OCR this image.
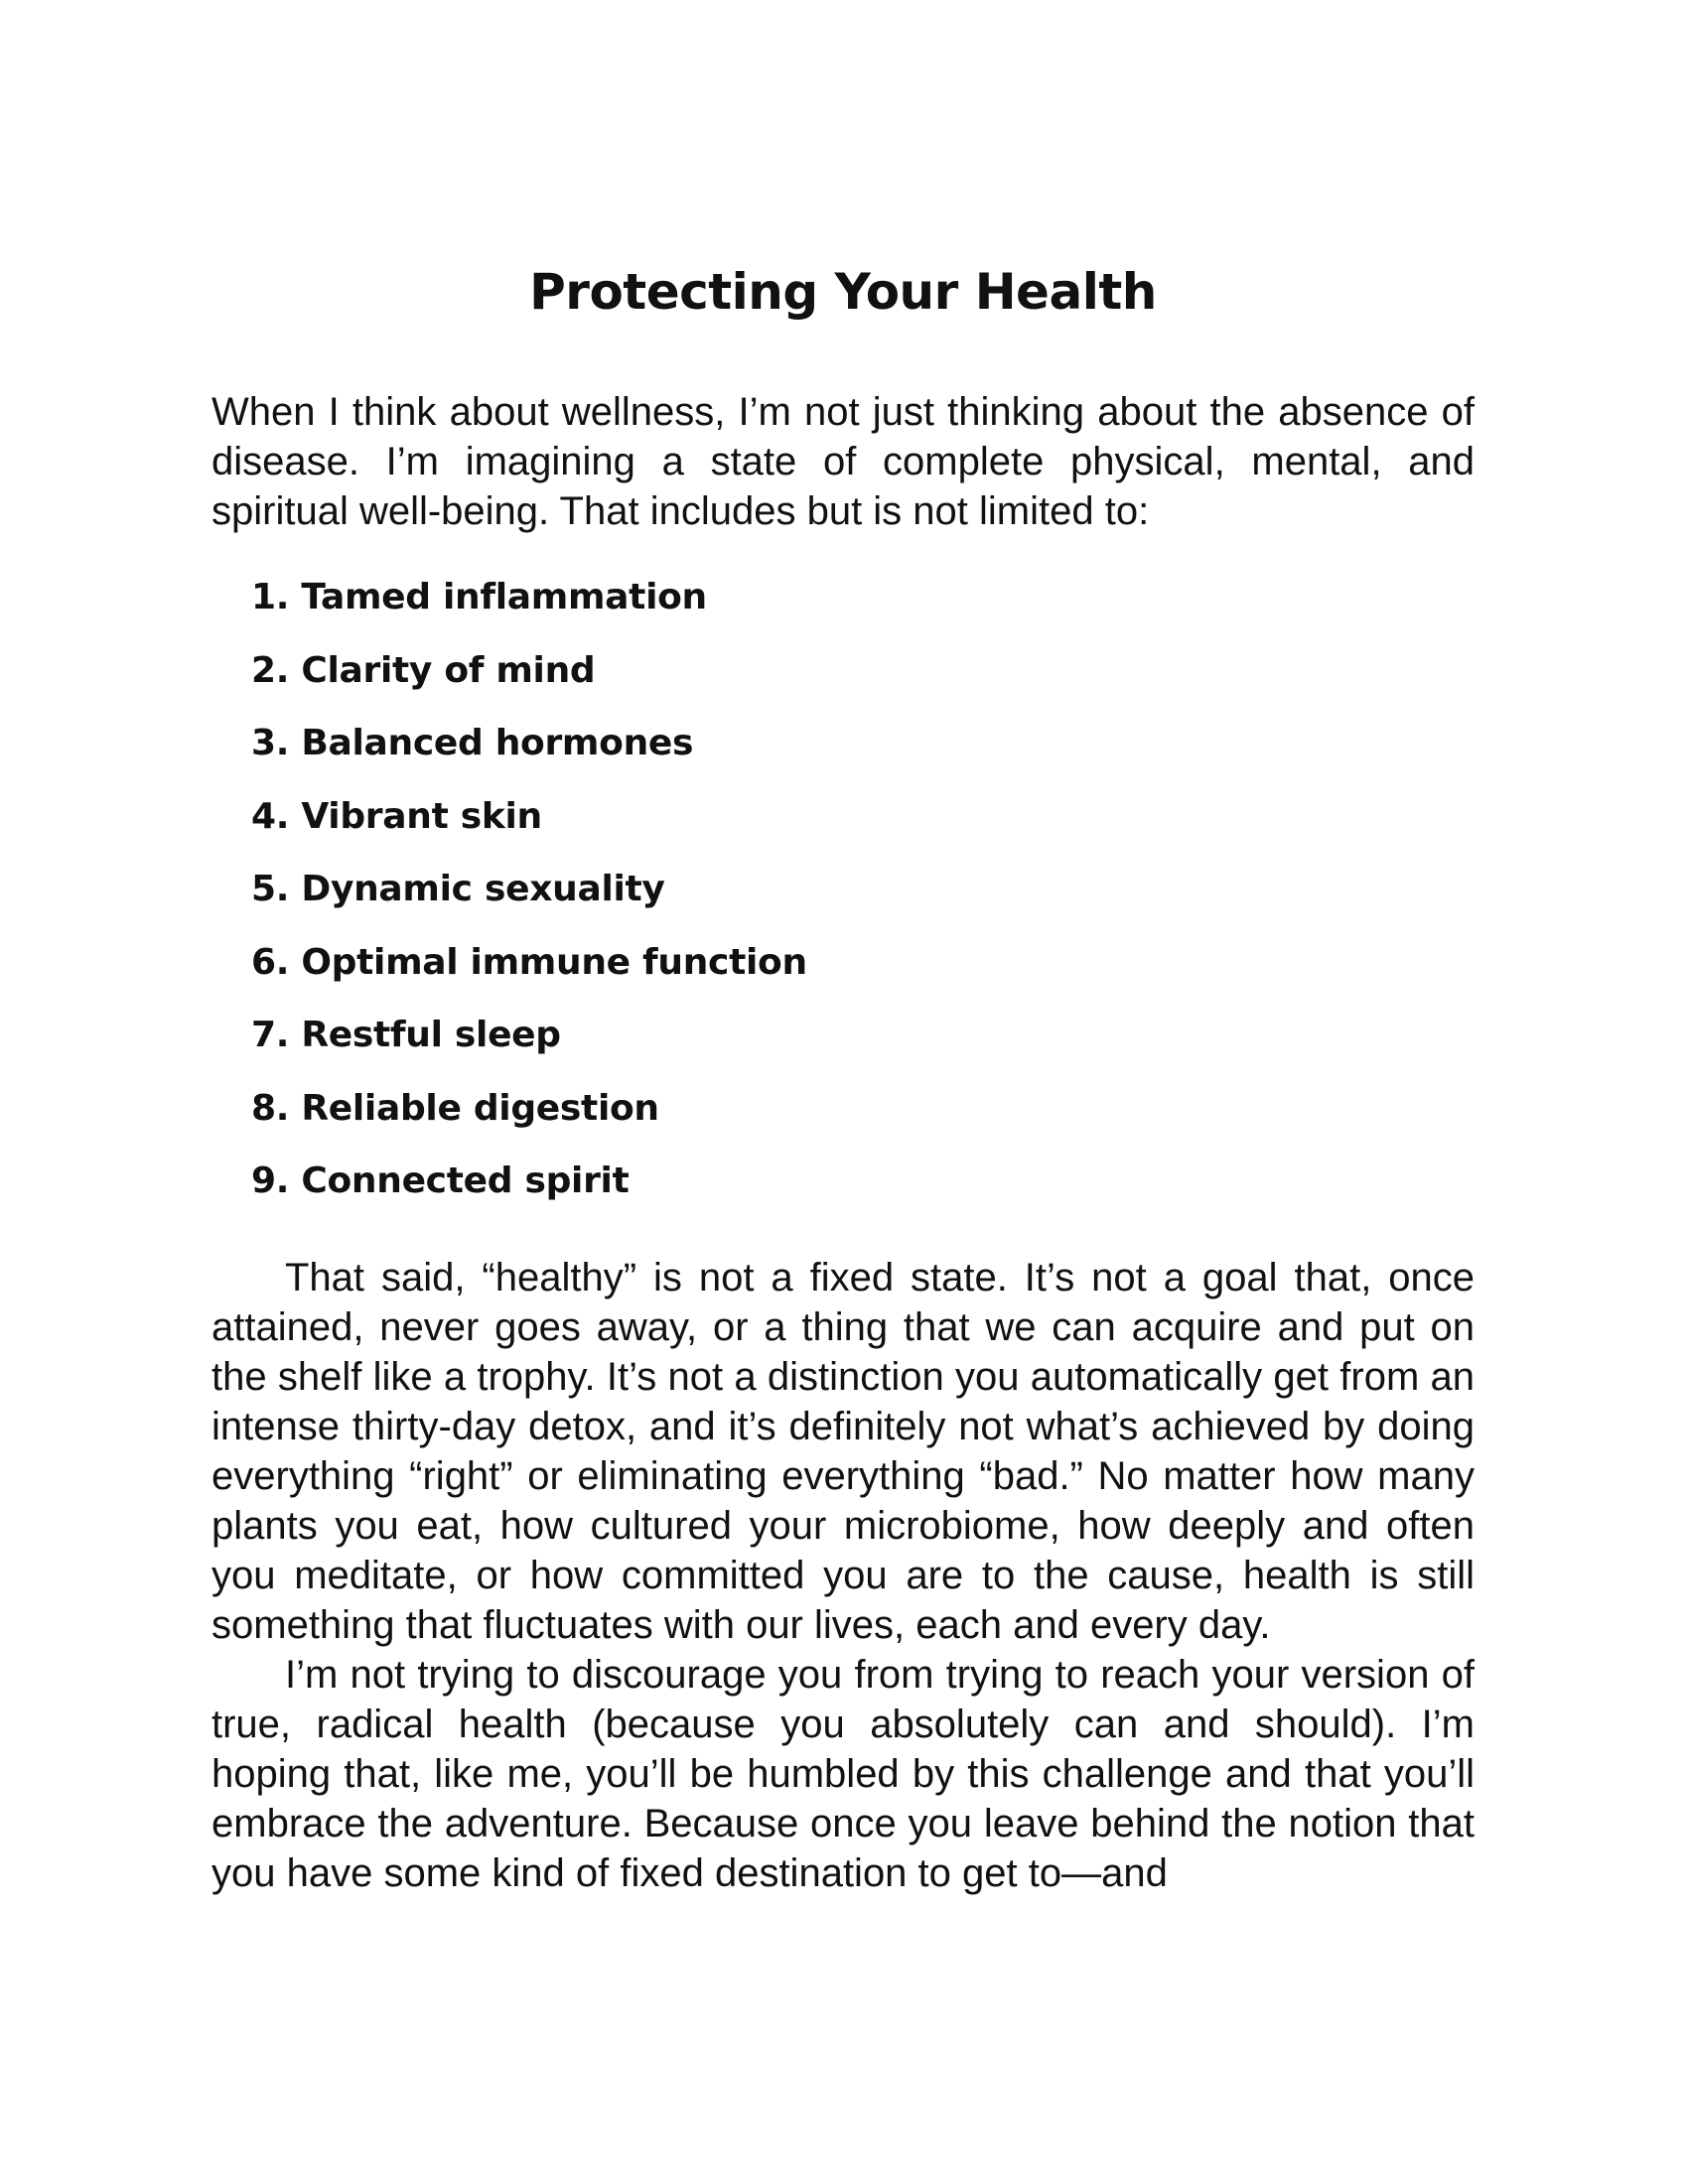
Protecting Your Health

When I think about wellness, I’m not just thinking about the absence of disease. I’m imagining a state of complete physical, mental, and spiritual well-being. That includes but is not limited to:

1. Tamed inflammation
2. Clarity of mind
3. Balanced hormones
4. Vibrant skin
5. Dynamic sexuality
6. Optimal immune function
7. Restful sleep
8. Reliable digestion
9. Connected spirit

That said, “healthy” is not a fixed state. It’s not a goal that, once attained, never goes away, or a thing that we can acquire and put on the shelf like a trophy. It’s not a distinction you automatically get from an intense thirty-day detox, and it’s definitely not what’s achieved by doing everything “right” or eliminating everything “bad.” No matter how many plants you eat, how cultured your microbiome, how deeply and often you meditate, or how committed you are to the cause, health is still something that fluctuates with our lives, each and every day.

I’m not trying to discourage you from trying to reach your version of true, radical health (because you absolutely can and should). I’m hoping that, like me, you’ll be humbled by this challenge and that you’ll embrace the adventure. Because once you leave behind the notion that you have some kind of fixed destination to get to—and
